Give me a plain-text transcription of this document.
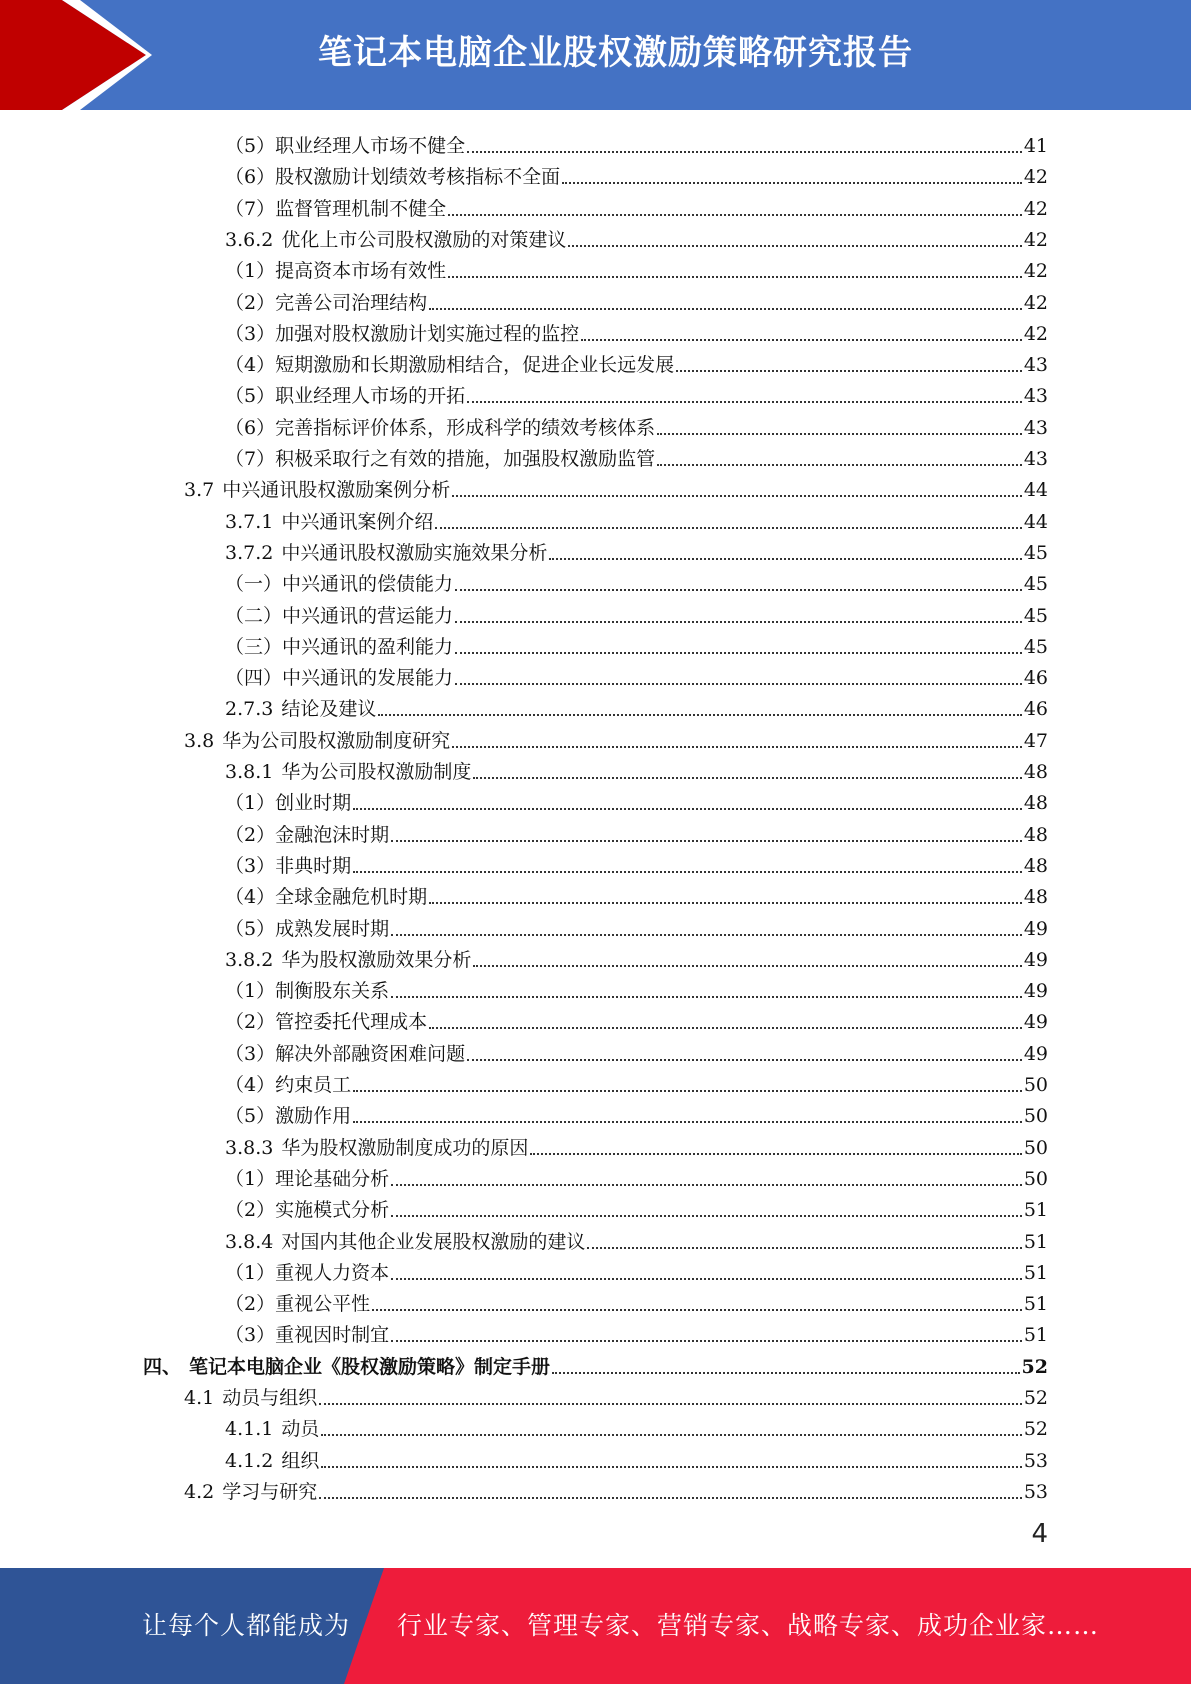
笔记本电脑企业股权激励策略研究报告
（5） 职业经理人市场不健全	41
（6） 股权激励计划绩效考核指标不全面	42
（7） 监督管理机制不健全	42
3.6.2 优化上市公司股权激励的对策建议	42
（1） 提高资本市场有效性	42
（2） 完善公司治理结构	42
（3） 加强对股权激励计划实施过程的监控	42
（4） 短期激励和长期激励相结合，促进企业长远发展	43
（5） 职业经理人市场的开拓	43
（6） 完善指标评价体系，形成科学的绩效考核体系	43
（7） 积极采取行之有效的措施，加强股权激励监管	43
3.7 中兴通讯股权激励案例分析	44
3.7.1 中兴通讯案例介绍	44
3.7.2 中兴通讯股权激励实施效果分析	45
（一） 中兴通讯的偿债能力	45
（二） 中兴通讯的营运能力	45
（三） 中兴通讯的盈利能力	45
（四） 中兴通讯的发展能力	46
2.7.3 结论及建议	46
3.8 华为公司股权激励制度研究	47
3.8.1 华为公司股权激励制度	48
（1） 创业时期	48
（2） 金融泡沫时期	48
（3） 非典时期	48
（4） 全球金融危机时期	48
（5） 成熟发展时期	49
3.8.2 华为股权激励效果分析	49
（1） 制衡股东关系	49
（2） 管控委托代理成本	49
（3） 解决外部融资困难问题	49
（4） 约束员工	50
（5） 激励作用	50
3.8.3 华为股权激励制度成功的原因	50
（1） 理论基础分析	50
（2） 实施模式分析	51
3.8.4 对国内其他企业发展股权激励的建议	51
（1） 重视人力资本	51
（2） 重视公平性	51
（3） 重视因时制宜	51
四、 笔记本电脑企业《股权激励策略》制定手册	52
4.1 动员与组织	52
4.1.1 动员	52
4.1.2 组织	53
4.2 学习与研究	53
4
让每个人都能成为 行业专家、管理专家、营销专家、战略专家、成功企业家……
